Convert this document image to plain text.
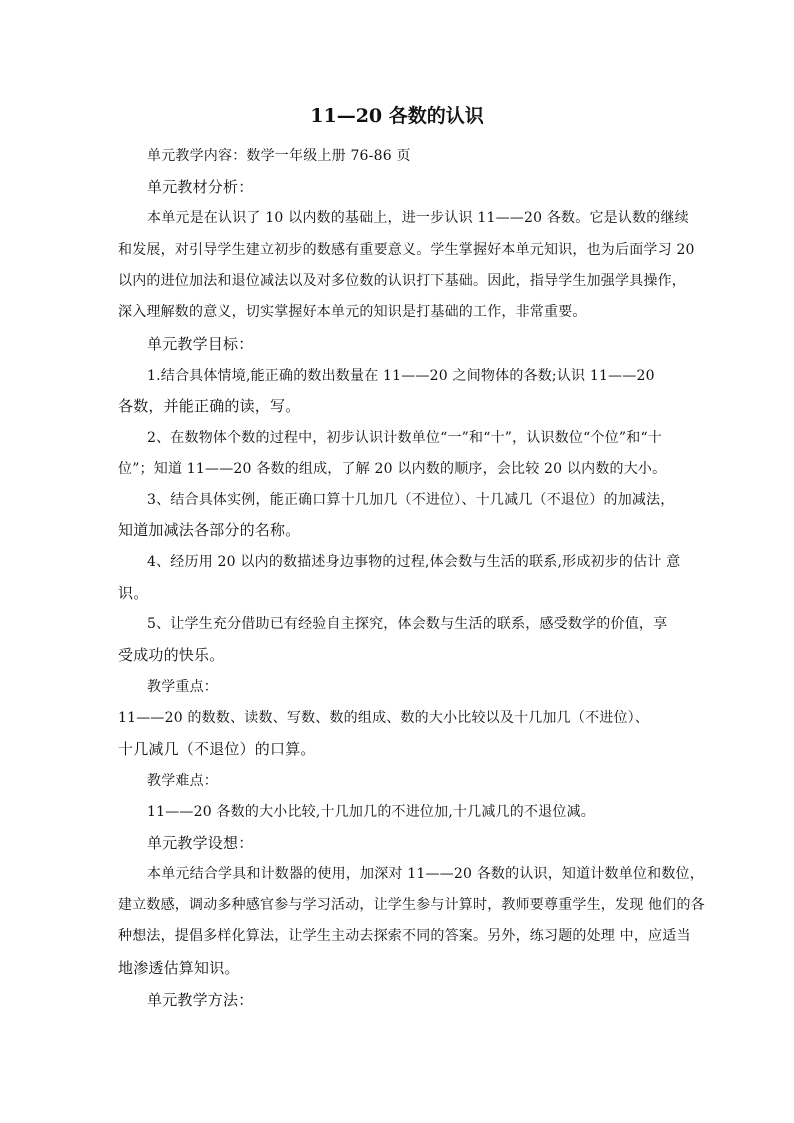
11—20 各数的认识
单元教学内容：数学一年级上册 76-86 页
单元教材分析：
本单元是在认识了 10 以内数的基础上，进一步认识 11——20 各数。它是认数的继续
和发展，对引导学生建立初步的数感有重要意义。学生掌握好本单元知识，也为后面学习 20
以内的进位加法和退位减法以及对多位数的认识打下基础。因此，指导学生加强学具操作，
深入理解数的意义，切实掌握好本单元的知识是打基础的工作，非常重要。
单元教学目标：
1.结合具体情境,能正确的数出数量在 11——20 之间物体的各数;认识 11——20
各数，并能正确的读，写。
2、在数物体个数的过程中，初步认识计数单位“一”和“十”，认识数位“个位”和“十
位”；知道 11——20 各数的组成，了解 20 以内数的顺序，会比较 20 以内数的大小。
3、结合具体实例，能正确口算十几加几（不进位）、十几减几（不退位）的加减法，
知道加减法各部分的名称。
4、经历用 20 以内的数描述身边事物的过程,体会数与生活的联系,形成初步的估计 意
识。
5、让学生充分借助已有经验自主探究，体会数与生活的联系，感受数学的价值，享
受成功的快乐。
教学重点：
11——20 的数数、读数、写数、数的组成、数的大小比较以及十几加几（不进位）、
十几减几（不退位）的口算。
教学难点：
11——20 各数的大小比较,十几加几的不进位加,十几减几的不退位减。
单元教学设想：
本单元结合学具和计数器的使用，加深对 11——20 各数的认识，知道计数单位和数位，
建立数感，调动多种感官参与学习活动，让学生参与计算时，教师要尊重学生，发现 他们的各
种想法，提倡多样化算法，让学生主动去探索不同的答案。另外，练习题的处理 中，应适当
地渗透估算知识。
单元教学方法：
